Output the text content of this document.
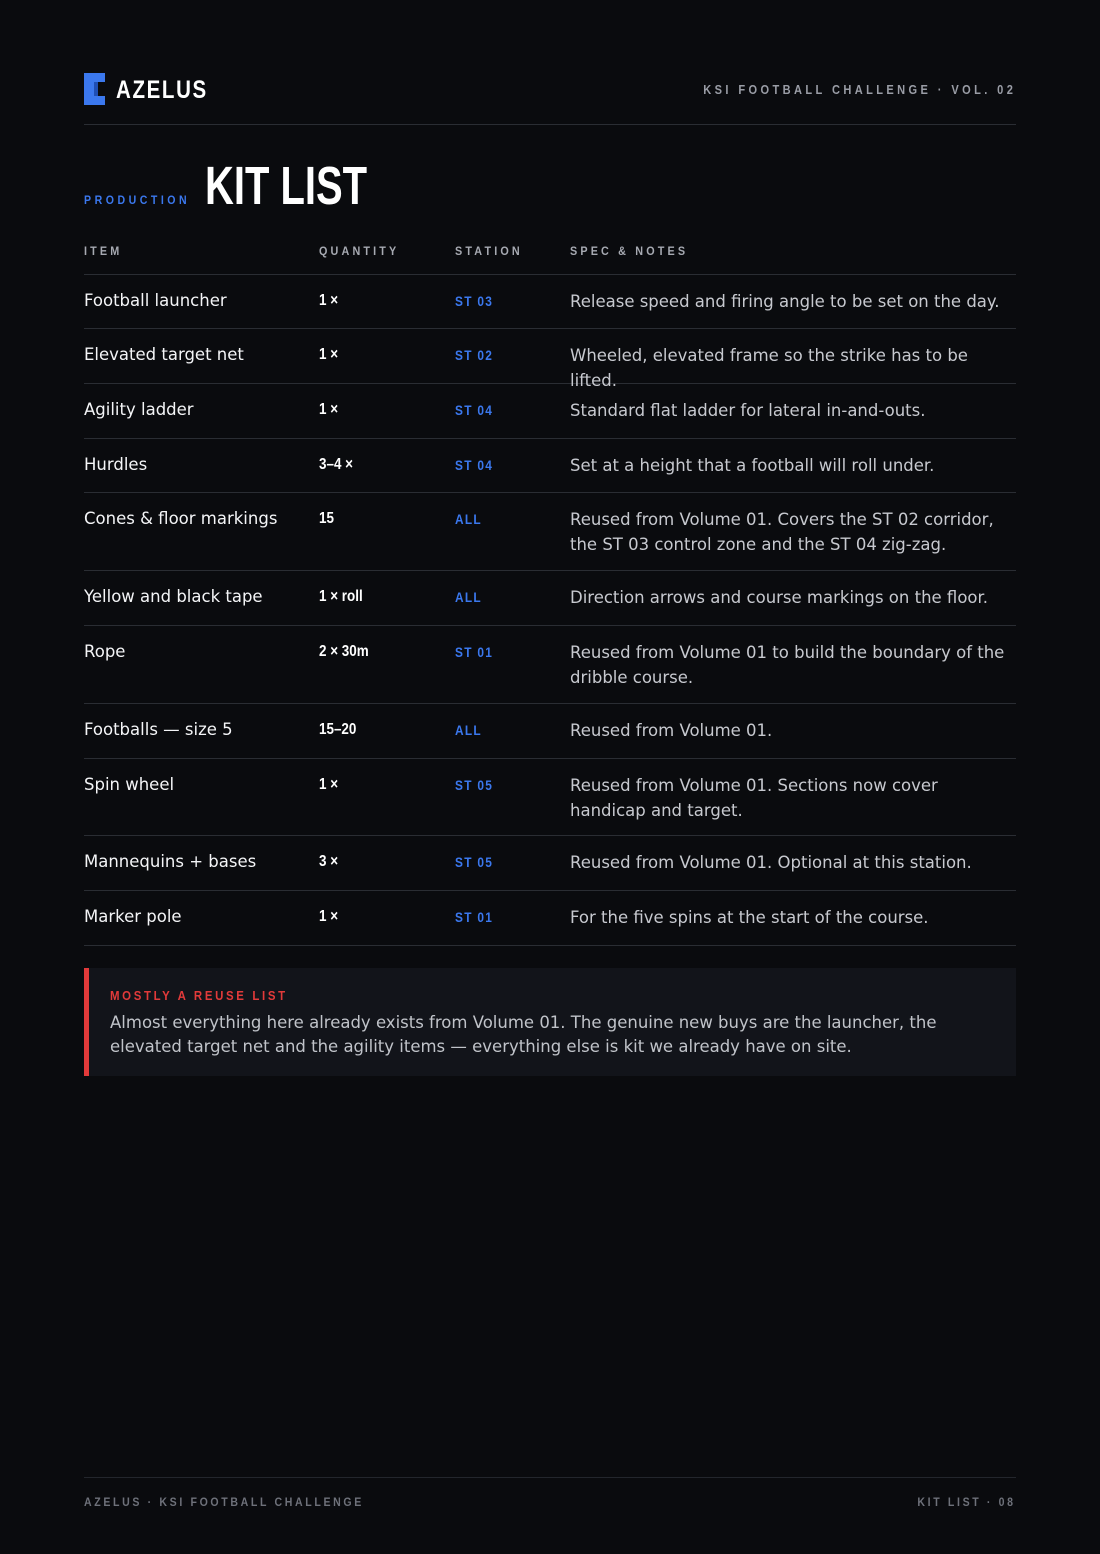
AZELUS	KSI FOOTBALL CHALLENGE · VOL. 02
PRODUCTION KIT LIST
ITEM	QUANTITY	STATION	SPEC & NOTES
Football launcher	1 ×	ST 03	Release speed and firing angle to be set on the day.
Elevated target net	1 ×	ST 02	Wheeled, elevated frame so the strike has to be lifted.
Agility ladder	1 ×	ST 04	Standard flat ladder for lateral in-and-outs.
Hurdles	3–4 ×	ST 04	Set at a height that a football will roll under.
Cones & floor markings	15	ALL	Reused from Volume 01. Covers the ST 02 corridor, the ST 03 control zone and the ST 04 zig-zag.
Yellow and black tape	1 × roll	ALL	Direction arrows and course markings on the floor.
Rope	2 × 30m	ST 01	Reused from Volume 01 to build the boundary of the dribble course.
Footballs — size 5	15–20	ALL	Reused from Volume 01.
Spin wheel	1 ×	ST 05	Reused from Volume 01. Sections now cover handicap and target.
Mannequins + bases	3 ×	ST 05	Reused from Volume 01. Optional at this station.
Marker pole	1 ×	ST 01	For the five spins at the start of the course.
MOSTLY A REUSE LIST
Almost everything here already exists from Volume 01. The genuine new buys are the launcher, the elevated target net and the agility items — everything else is kit we already have on site.
AZELUS · KSI FOOTBALL CHALLENGE	KIT LIST · 08
